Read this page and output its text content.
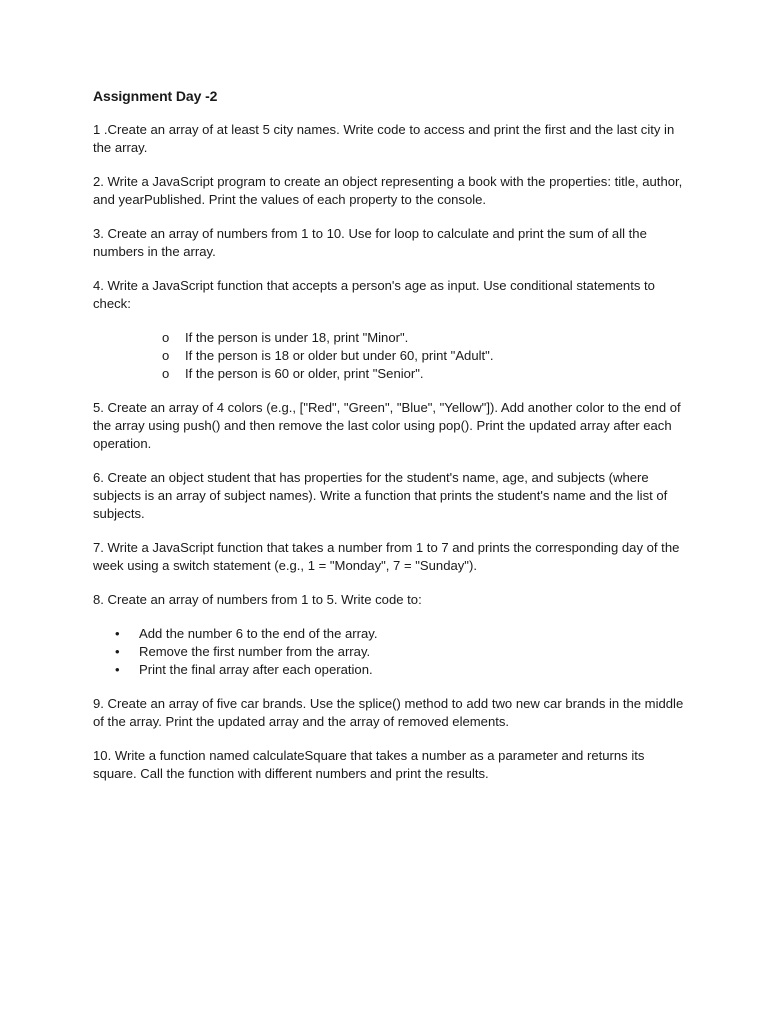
Assignment Day -2

1 .Create an array of at least 5 city names. Write code to access and print the first and the last city in the array.

2. Write a JavaScript program to create an object representing a book with the properties: title, author, and yearPublished. Print the values of each property to the console.

3. Create an array of numbers from 1 to 10. Use for loop to calculate and print the sum of all the numbers in the array.

4. Write a JavaScript function that accepts a person's age as input. Use conditional statements to check:

o If the person is under 18, print "Minor".
o If the person is 18 or older but under 60, print "Adult".
o If the person is 60 or older, print "Senior".

5. Create an array of 4 colors (e.g., ["Red", "Green", "Blue", "Yellow"]). Add another color to the end of the array using push() and then remove the last color using pop(). Print the updated array after each operation.

6. Create an object student that has properties for the student's name, age, and subjects (where subjects is an array of subject names). Write a function that prints the student's name and the list of subjects.

7. Write a JavaScript function that takes a number from 1 to 7 and prints the corresponding day of the week using a switch statement (e.g., 1 = "Monday", 7 = "Sunday").

8. Create an array of numbers from 1 to 5. Write code to:

• Add the number 6 to the end of the array.
• Remove the first number from the array.
• Print the final array after each operation.

9. Create an array of five car brands. Use the splice() method to add two new car brands in the middle of the array. Print the updated array and the array of removed elements.

10. Write a function named calculateSquare that takes a number as a parameter and returns its square. Call the function with different numbers and print the results.
